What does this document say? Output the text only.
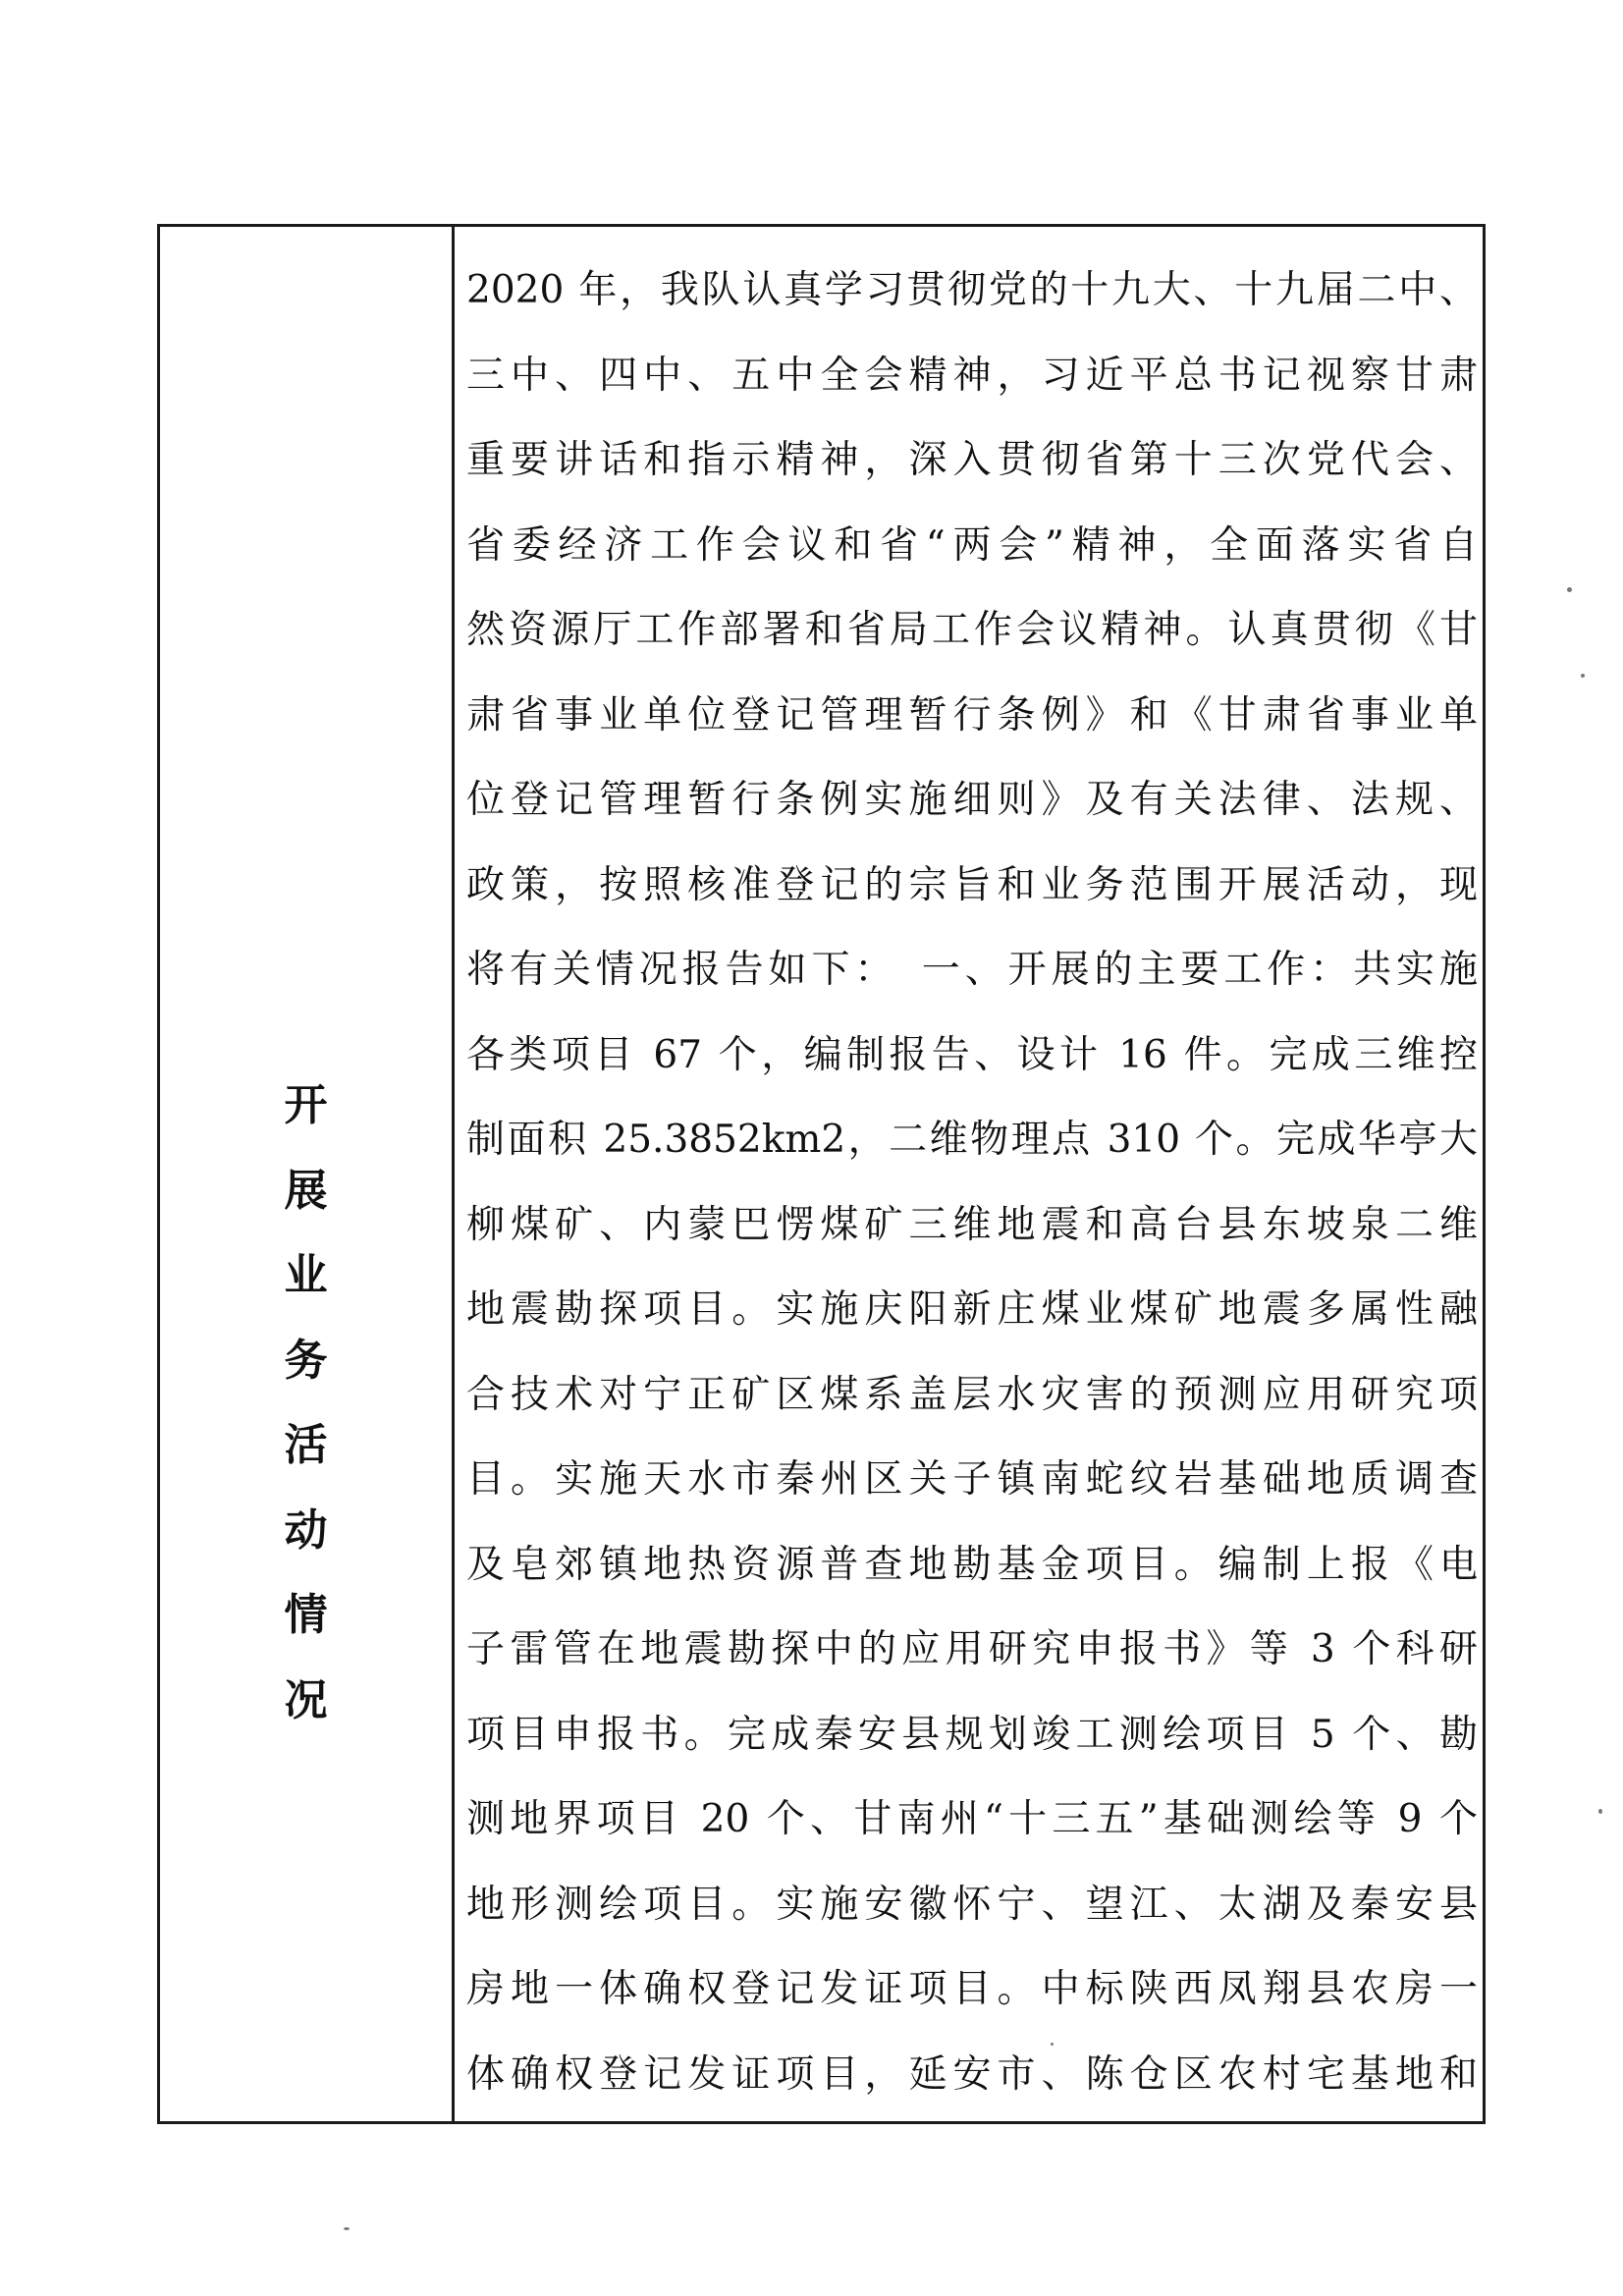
开
展
业
务
活
动
情
况
2020 年，我队认真学习贯彻党的十九大、十九届二中、
三中、四中、五中全会精神，习近平总书记视察甘肃
重要讲话和指示精神，深入贯彻省第十三次党代会、
省委经济工作会议和省“两会”精神，全面落实省自
然资源厅工作部署和省局工作会议精神。认真贯彻《甘
肃省事业单位登记管理暂行条例》和《甘肃省事业单
位登记管理暂行条例实施细则》及有关法律、法规、
政策，按照核准登记的宗旨和业务范围开展活动，现
将有关情况报告如下：　一、开展的主要工作：共实施
各类项目 67 个，编制报告、设计 16 件。完成三维控
制面积 25.3852km2，二维物理点 310 个。完成华亭大
柳煤矿、内蒙巴愣煤矿三维地震和高台县东坡泉二维
地震勘探项目。实施庆阳新庄煤业煤矿地震多属性融
合技术对宁正矿区煤系盖层水灾害的预测应用研究项
目。实施天水市秦州区关子镇南蛇纹岩基础地质调查
及皂郊镇地热资源普查地勘基金项目。编制上报《电
子雷管在地震勘探中的应用研究申报书》等 3 个科研
项目申报书。完成秦安县规划竣工测绘项目 5 个、勘
测地界项目 20 个、甘南州“十三五”基础测绘等 9 个
地形测绘项目。实施安徽怀宁、望江、太湖及秦安县
房地一体确权登记发证项目。中标陕西凤翔县农房一
体确权登记发证项目，延安市、陈仓区农村宅基地和
